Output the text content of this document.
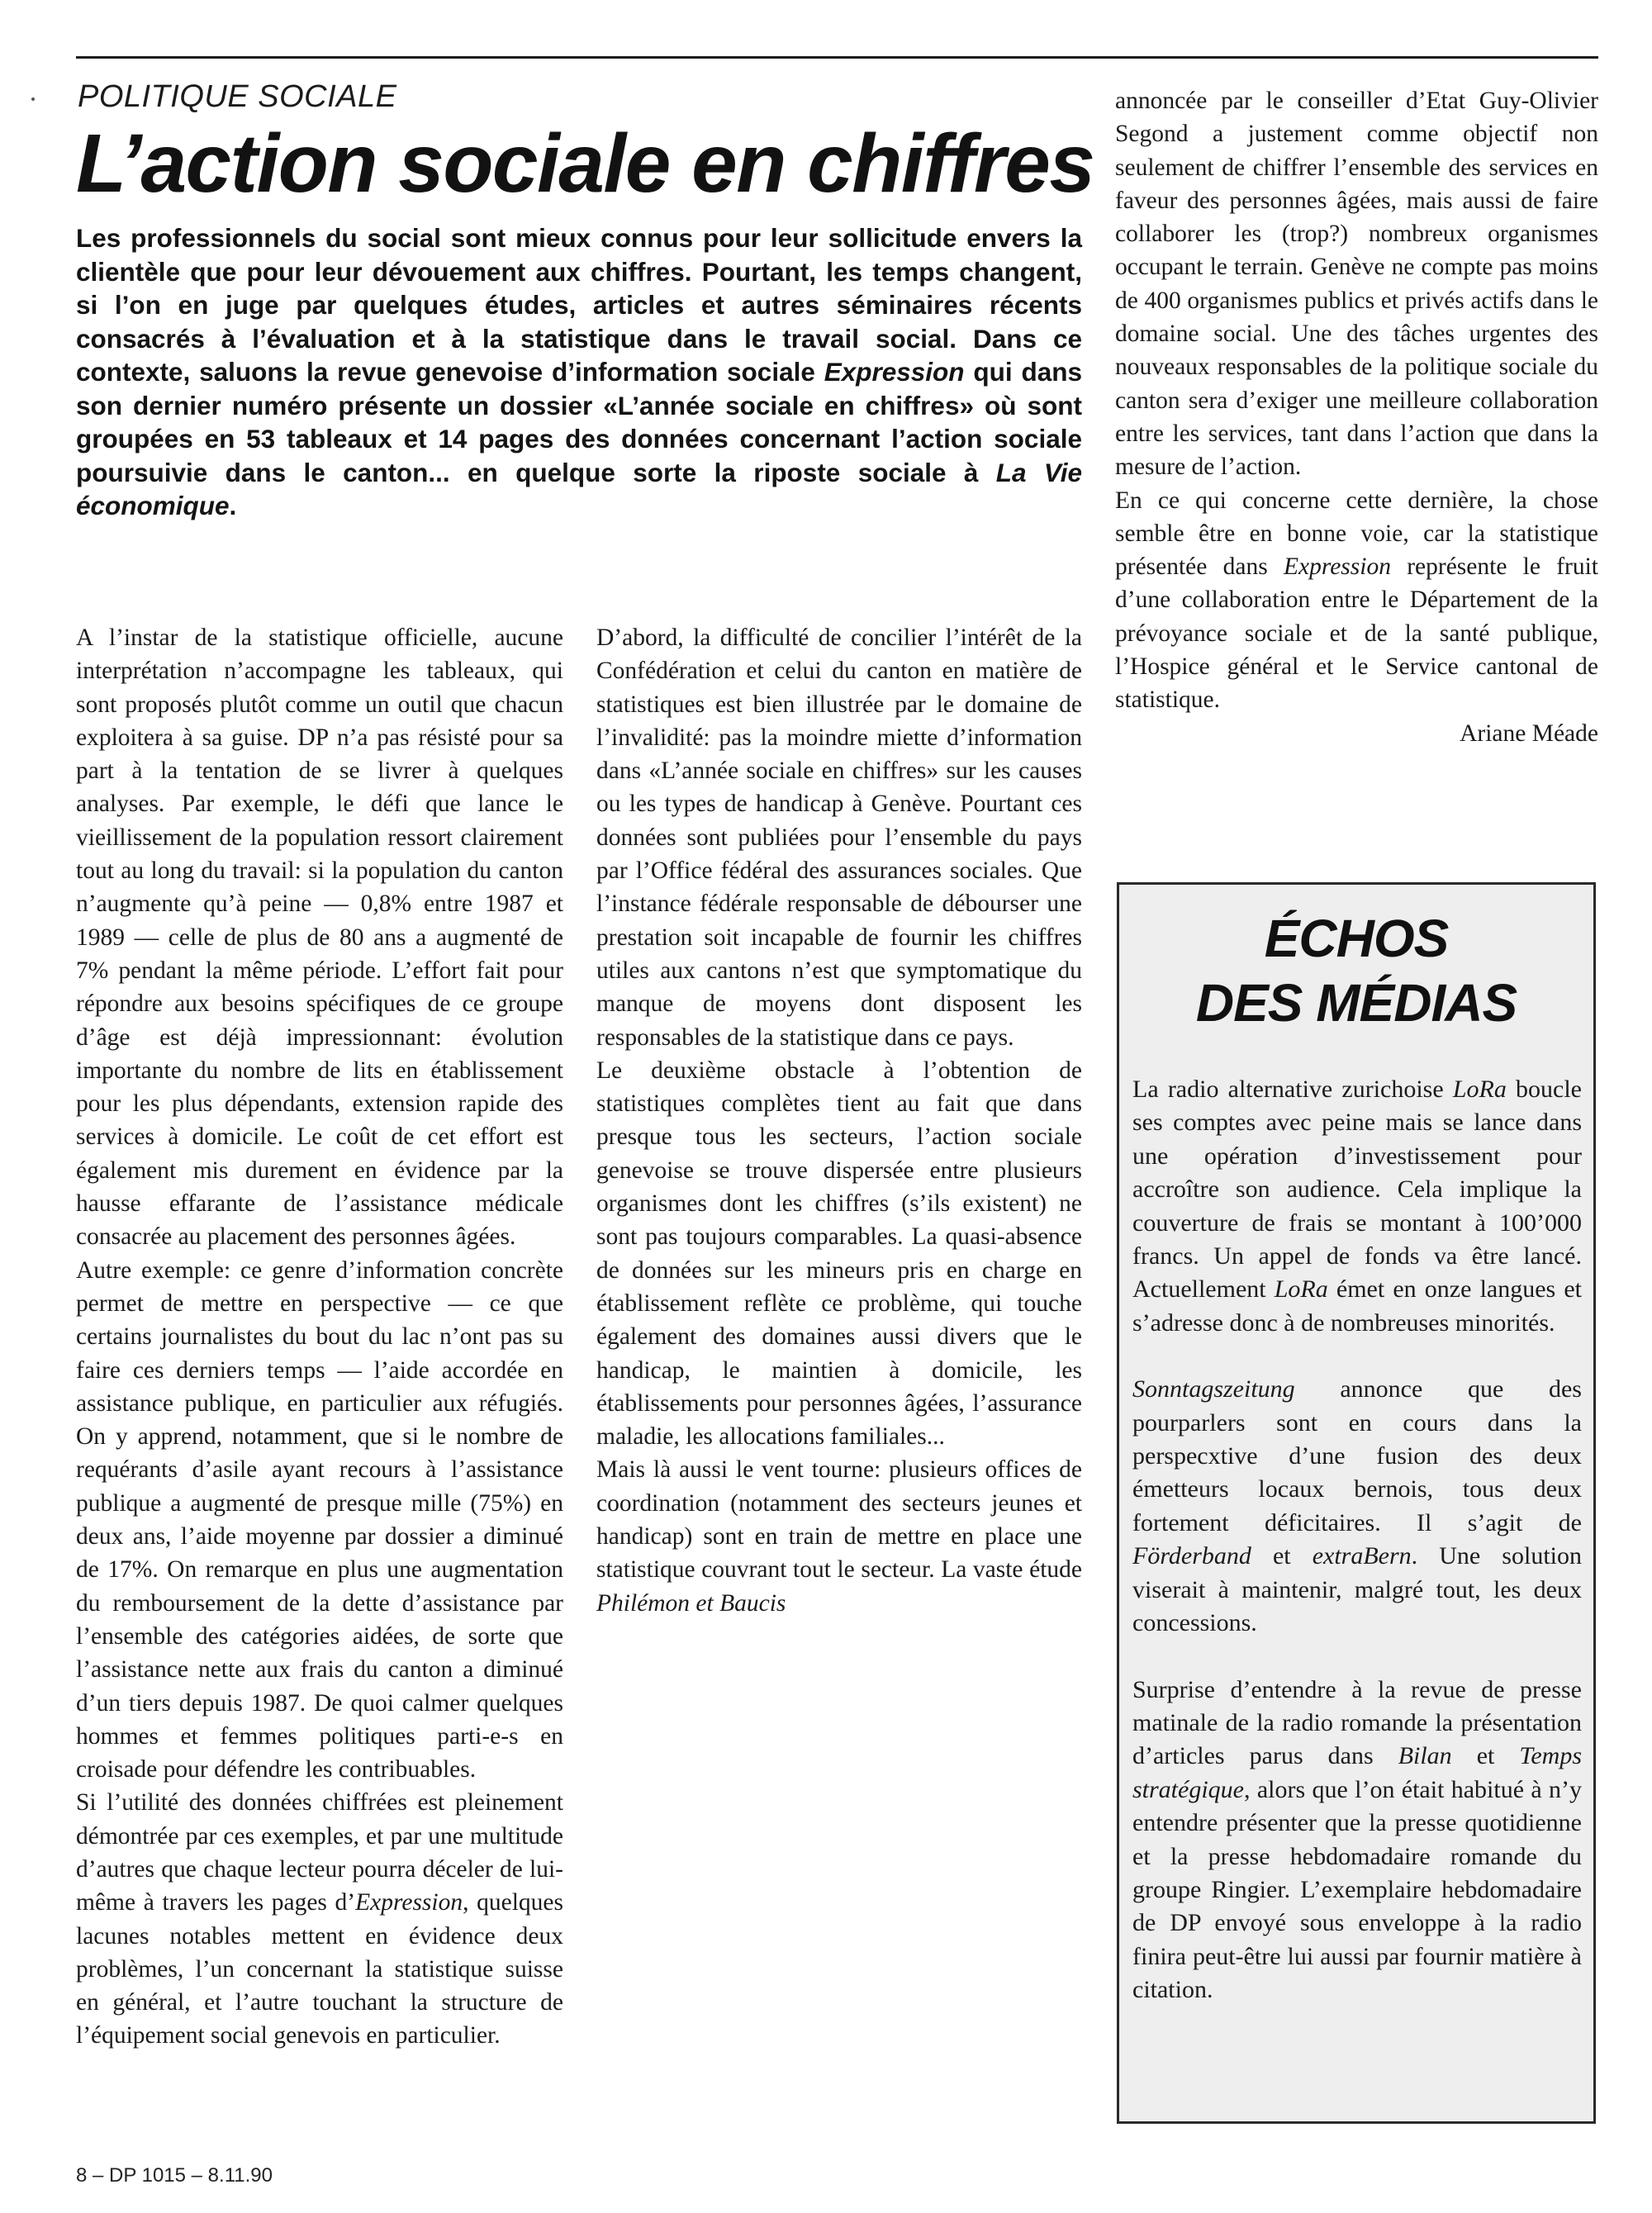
POLITIQUE SOCIALE
L’action sociale en chiffres

Les professionnels du social sont mieux connus pour leur sollicitude envers la clientèle que pour leur dévouement aux chiffres. Pourtant, les temps changent, si l’on en juge par quelques études, articles et autres séminaires récents consacrés à l’évaluation et à la statistique dans le travail social. Dans ce contexte, saluons la revue genevoise d’information sociale Expression qui dans son dernier numéro présente un dossier «L’année sociale en chiffres» où sont groupées en 53 tableaux et 14 pages des données concernant l’action sociale poursuivie dans le canton... en quelque sorte la riposte sociale à La Vie économique.

A l’instar de la statistique officielle, aucune interprétation n’accompagne les tableaux, qui sont proposés plutôt comme un outil que chacun exploitera à sa guise. DP n’a pas résisté pour sa part à la tentation de se livrer à quelques analyses. Par exemple, le défi que lance le vieillissement de la population ressort clairement tout au long du travail: si la population du canton n’augmente qu’à peine — 0,8% entre 1987 et 1989 — celle de plus de 80 ans a augmenté de 7% pendant la même période. L’effort fait pour répondre aux besoins spécifiques de ce groupe d’âge est déjà impressionnant: évolution importante du nombre de lits en établissement pour les plus dépendants, extension rapide des services à domicile. Le coût de cet effort est également mis durement en évidence par la hausse effarante de l’assistance médicale consacrée au placement des personnes âgées.

Autre exemple: ce genre d’information concrète permet de mettre en perspective — ce que certains journalistes du bout du lac n’ont pas su faire ces derniers temps — l’aide accordée en assistance publique, en particulier aux réfugiés. On y apprend, notamment, que si le nombre de requérants d’asile ayant recours à l’assistance publique a augmenté de presque mille (75%) en deux ans, l’aide moyenne par dossier a diminué de 17%. On remarque en plus une augmentation du remboursement de la dette d’assistance par l’ensemble des catégories aidées, de sorte que l’assistance nette aux frais du canton a diminué d’un tiers depuis 1987. De quoi calmer quelques hommes et femmes politiques parti-e-s en croisade pour défendre les contribuables.

Si l’utilité des données chiffrées est pleinement démontrée par ces exemples, et par une multitude d’autres que chaque lecteur pourra déceler de lui-même à travers les pages d’Expression, quelques lacunes notables mettent en évidence deux problèmes, l’un concernant la statistique suisse en général, et l’autre touchant la structure de l’équipement social genevois en particulier.

D’abord, la difficulté de concilier l’intérêt de la Confédération et celui du canton en matière de statistiques est bien illustrée par le domaine de l’invalidité: pas la moindre miette d’information dans «L’année sociale en chiffres» sur les causes ou les types de handicap à Genève. Pourtant ces données sont publiées pour l’ensemble du pays par l’Office fédéral des assurances sociales. Que l’instance fédérale responsable de débourser une prestation soit incapable de fournir les chiffres utiles aux cantons n’est que symptomatique du manque de moyens dont disposent les responsables de la statistique dans ce pays.

Le deuxième obstacle à l’obtention de statistiques complètes tient au fait que dans presque tous les secteurs, l’action sociale genevoise se trouve dispersée entre plusieurs organismes dont les chiffres (s’ils existent) ne sont pas toujours comparables. La quasi-absence de données sur les mineurs pris en charge en établissement reflète ce problème, qui touche également des domaines aussi divers que le handicap, le maintien à domicile, les établissements pour personnes âgées, l’assurance maladie, les allocations familiales...

Mais là aussi le vent tourne: plusieurs offices de coordination (notamment des secteurs jeunes et handicap) sont en train de mettre en place une statistique couvrant tout le secteur. La vaste étude Philémon et Baucis

annoncée par le conseiller d’Etat Guy-Olivier Segond a justement comme objectif non seulement de chiffrer l’ensemble des services en faveur des personnes âgées, mais aussi de faire collaborer les (trop?) nombreux organismes occupant le terrain. Genève ne compte pas moins de 400 organismes publics et privés actifs dans le domaine social. Une des tâches urgentes des nouveaux responsables de la politique sociale du canton sera d’exiger une meilleure collaboration entre les services, tant dans l’action que dans la mesure de l’action.

En ce qui concerne cette dernière, la chose semble être en bonne voie, car la statistique présentée dans Expression représente le fruit d’une collaboration entre le Département de la prévoyance sociale et de la santé publique, l’Hospice général et le Service cantonal de statistique.

Ariane Méade

ÉCHOS
DES MÉDIAS

La radio alternative zurichoise LoRa boucle ses comptes avec peine mais se lance dans une opération d’investissement pour accroître son audience. Cela implique la couverture de frais se montant à 100’000 francs. Un appel de fonds va être lancé. Actuellement LoRa émet en onze langues et s’adresse donc à de nombreuses minorités.

Sonntagszeitung annonce que des pourparlers sont en cours dans la perspecxtive d’une fusion des deux émetteurs locaux bernois, tous deux fortement déficitaires. Il s’agit de Förderband et extraBern. Une solution viserait à maintenir, malgré tout, les deux concessions.

Surprise d’entendre à la revue de presse matinale de la radio romande la présentation d’articles parus dans Bilan et Temps stratégique, alors que l’on était habitué à n’y entendre présenter que la presse quotidienne et la presse hebdomadaire romande du groupe Ringier. L’exemplaire hebdomadaire de DP envoyé sous enveloppe à la radio finira peut-être lui aussi par fournir matière à citation.

8 – DP 1015 – 8.11.90
